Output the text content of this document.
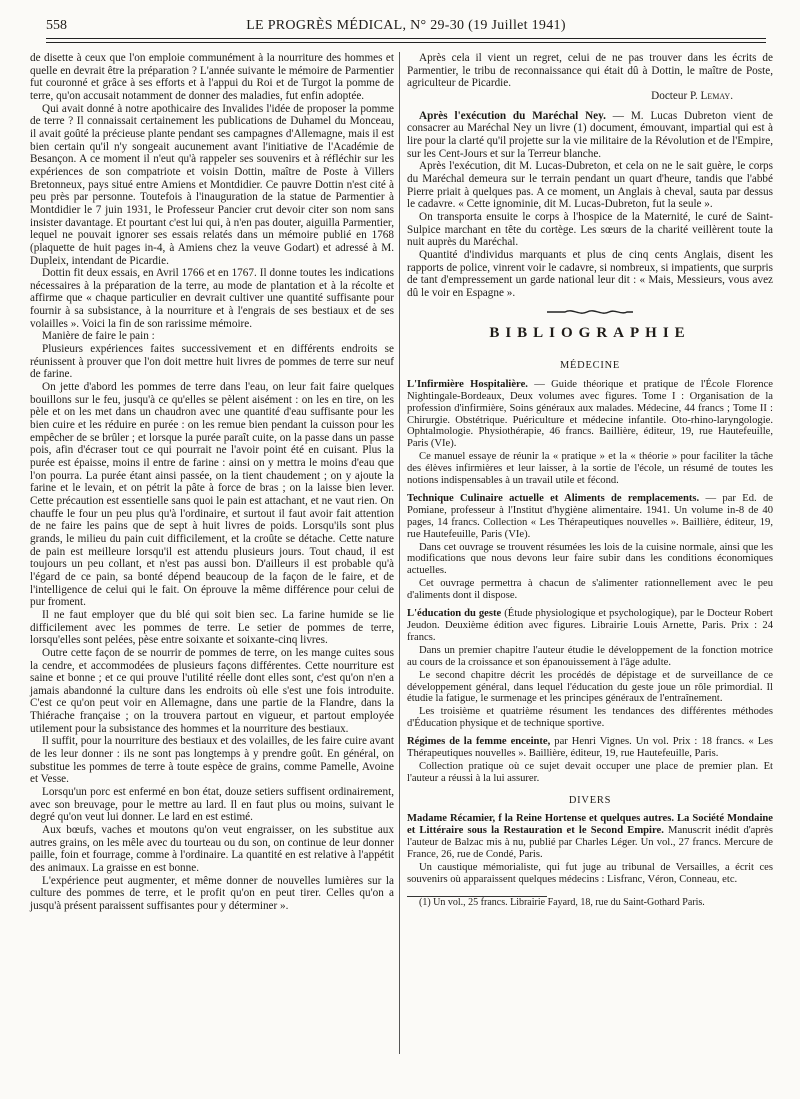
558	LE PROGRÈS MÉDICAL, N° 29-30 (19 Juillet 1941)

de disette à ceux que l'on emploie communément à la nourriture des hommes et quelle en devrait être la préparation ? L'année suivante le mémoire de Parmentier fut couronné et grâce à ses efforts et à l'appui du Roi et de Turgot la pomme de terre, qu'on accusait notamment de donner des maladies, fut enfin adoptée.

Qui avait donné à notre apothicaire des Invalides l'idée de proposer la pomme de terre ? Il connaissait certainement les publications de Duhamel du Monceau, il avait goûté la précieuse plante pendant ses campagnes d'Allemagne, mais il est bien certain qu'il n'y songeait aucunement avant l'initiative de l'Académie de Besançon. A ce moment il n'eut qu'à rappeler ses souvenirs et à réfléchir sur les expériences de son compatriote et voisin Dottin, maître de Poste à Villers Bretonneux, pays situé entre Amiens et Montdidier. Ce pauvre Dottin n'est cité à peu près par personne. Toutefois à l'inauguration de la statue de Parmentier à Montdidier le 7 juin 1931, le Professeur Pancier crut devoir citer son nom sans insister davantage. Et pourtant c'est lui qui, à n'en pas douter, aiguilla Parmentier, lequel ne pouvait ignorer ses essais relatés dans un mémoire publié en 1768 (plaquette de huit pages in-4, à Amiens chez la veuve Godart) et adressé à M. Dupleix, intendant de Picardie.

Dottin fit deux essais, en Avril 1766 et en 1767. Il donne toutes les indications nécessaires à la préparation de la terre, au mode de plantation et à la récolte et affirme que « chaque particulier en devrait cultiver une quantité suffisante pour fournir à sa subsistance, à la nourriture et à l'engrais de ses bestiaux et de ses volailles ». Voici la fin de son rarissime mémoire.

Manière de faire le pain :

Plusieurs expériences faites successivement et en différents endroits se réunissent à prouver que l'on doit mettre huit livres de pommes de terre sur neuf de farine.

On jette d'abord les pommes de terre dans l'eau, on leur fait faire quelques bouillons sur le feu, jusqu'à ce qu'elles se pèlent aisément : on les en tire, on les pèle et on les met dans un chaudron avec une quantité d'eau suffisante pour les bien cuire et les réduire en purée : on les remue bien pendant la cuisson pour les empêcher de se brûler ; et lorsque la purée paraît cuite, on la passe dans un passe pois, afin d'écraser tout ce qui pourrait ne l'avoir point été en cuisant. Plus la purée est épaisse, moins il entre de farine : ainsi on y mettra le moins d'eau que l'on pourra. La purée étant ainsi passée, on la tient chaudement ; on y ajoute la farine et le levain, et on pétrit la pâte à force de bras ; on la laisse bien lever. Cette précaution est essentielle sans quoi le pain est attachant, et ne vaut rien. On chauffe le four un peu plus qu'à l'ordinaire, et surtout il faut avoir fait attention de ne faire les pains que de sept à huit livres de poids. Lorsqu'ils sont plus grands, le milieu du pain cuit difficilement, et la croûte se détache. Cette nature de pain est meilleure lorsqu'il est attendu plusieurs jours. Tout chaud, il est toujours un peu collant, et n'est pas aussi bon. D'ailleurs il est probable qu'à l'égard de ce pain, sa bonté dépend beaucoup de la façon de le faire, et de l'intelligence de celui qui le fait. On éprouve la même différence pour celui de pur froment.

Il ne faut employer que du blé qui soit bien sec. La farine humide se lie difficilement avec les pommes de terre. Le setier de pommes de terre, lorsqu'elles sont pelées, pèse entre soixante et soixante-cinq livres.

Outre cette façon de se nourrir de pommes de terre, on les mange cuites sous la cendre, et accommodées de plusieurs façons différentes. Cette nourriture est saine et bonne ; et ce qui prouve l'utilité réelle dont elles sont, c'est qu'on n'en a jamais abandonné la culture dans les endroits où elle s'est une fois introduite. C'est ce qu'on peut voir en Allemagne, dans une partie de la Flandre, dans la Thiérache française ; on la trouvera partout en vigueur, et partout employée utilement pour la subsistance des hommes et la nourriture des bestiaux.

Il suffit, pour la nourriture des bestiaux et des volailles, de les faire cuire avant de les leur donner : ils ne sont pas longtemps à y prendre goût. En général, on substitue les pommes de terre à toute espèce de grains, comme Pamelle, Avoine et Vesse.

Lorsqu'un porc est enfermé en bon état, douze setiers suffisent ordinairement, avec son breuvage, pour le mettre au lard. Il en faut plus ou moins, suivant le degré qu'on veut lui donner. Le lard en est estimé.

Aux bœufs, vaches et moutons qu'on veut engraisser, on les substitue aux autres grains, on les mêle avec du tourteau ou du son, on continue de leur donner paille, foin et fourrage, comme à l'ordinaire. La quantité en est relative à l'appétit des animaux. La graisse en est bonne.

L'expérience peut augmenter, et même donner de nouvelles lumières sur la culture des pommes de terre, et le profit qu'on en peut tirer. Celles qu'on a jusqu'à présent paraissent suffisantes pour y déterminer ».

Après cela il vient un regret, celui de ne pas trouver dans les écrits de Parmentier, le tribu de reconnaissance qui était dû à Dottin, le maître de Poste, agriculteur de Picardie.

Docteur P. Lemay.

Après l'exécution du Maréchal Ney. — M. Lucas Dubreton vient de consacrer au Maréchal Ney un livre (1) document, émouvant, impartial qui est à lire pour la clarté qu'il projette sur la vie militaire de la Révolution et de l'Empire, sur les Cent-Jours et sur la Terreur blanche.

Après l'exécution, dit M. Lucas-Dubreton, et cela on ne le sait guère, le corps du Maréchal demeura sur le terrain pendant un quart d'heure, tandis que l'abbé Pierre priait à quelques pas. A ce moment, un Anglais à cheval, sauta par dessus le cadavre. « Cette ignominie, dit M. Lucas-Dubreton, fut la seule ».

On transporta ensuite le corps à l'hospice de la Maternité, le curé de Saint-Sulpice marchant en tête du cortège. Les sœurs de la charité veillèrent toute la nuit auprès du Maréchal.

Quantité d'individus marquants et plus de cinq cents Anglais, disent les rapports de police, vinrent voir le cadavre, si nombreux, si impatients, que surpris de tant d'empressement un garde national leur dit : « Mais, Messieurs, vous avez dû le voir en Espagne ».

BIBLIOGRAPHIE
MÉDECINE

L'Infirmière Hospitalière. — Guide théorique et pratique de l'École Florence Nightingale-Bordeaux, Deux volumes avec figures. Tome I : Organisation de la profession d'infirmière, Soins généraux aux malades. Médecine, 44 francs ; Tome II : Chirurgie. Obstétrique. Puériculture et médecine infantile. Oto-rhino-laryngologie. Ophtalmologie. Physiothérapie, 46 francs. Baillière, éditeur, 19, rue Hautefeuille, Paris (VIe).

Ce manuel essaye de réunir la « pratique » et la « théorie » pour faciliter la tâche des élèves infirmières et leur laisser, à la sortie de l'école, un résumé de toutes les notions indispensables à un travail utile et fécond.

Technique Culinaire actuelle et Aliments de remplacements. — par Ed. de Pomiane, professeur à l'Institut d'hygiène alimentaire. 1941. Un volume in-8 de 40 pages, 14 francs. Collection « Les Thérapeutiques nouvelles ». Baillière, éditeur, 19, rue Hautefeuille, Paris (VIe).

Dans cet ouvrage se trouvent résumées les lois de la cuisine normale, ainsi que les modifications que nous devons leur faire subir dans les conditions économiques actuelles.

Cet ouvrage permettra à chacun de s'alimenter rationnellement avec le peu d'aliments dont il dispose.

L'éducation du geste (Étude physiologique et psychologique), par le Docteur Robert Jeudon. Deuxième édition avec figures. Librairie Louis Arnette, Paris. Prix : 24 francs.

Dans un premier chapitre l'auteur étudie le développement de la fonction motrice au cours de la croissance et son épanouissement à l'âge adulte.

Le second chapitre décrit les procédés de dépistage et de surveillance de ce développement général, dans lequel l'éducation du geste joue un rôle primordial. Il étudie la fatigue, le surmenage et les principes généraux de l'entraînement.

Les troisième et quatrième résument les tendances des différentes méthodes d'Éducation physique et de technique sportive.

Régimes de la femme enceinte, par Henri Vignes. Un vol. Prix : 18 francs. « Les Thérapeutiques nouvelles ». Baillière, éditeur, 19, rue Hautefeuille, Paris.

Collection pratique où ce sujet devait occuper une place de premier plan. Et l'auteur a réussi à la lui assurer.

DIVERS

Madame Récamier, f la Reine Hortense et quelques autres. La Société Mondaine et Littéraire sous la Restauration et le Second Empire. Manuscrit inédit d'après l'auteur de Balzac mis à nu, publié par Charles Léger. Un vol., 27 francs. Mercure de France, 26, rue de Condé, Paris.

Un caustique mémorialiste, qui fut juge au tribunal de Versailles, a écrit ces souvenirs où apparaissent quelques médecins : Lisfranc, Véron, Conneau, etc.

(1) Un vol., 25 francs. Librairie Fayard, 18, rue du Saint-Gothard Paris.
